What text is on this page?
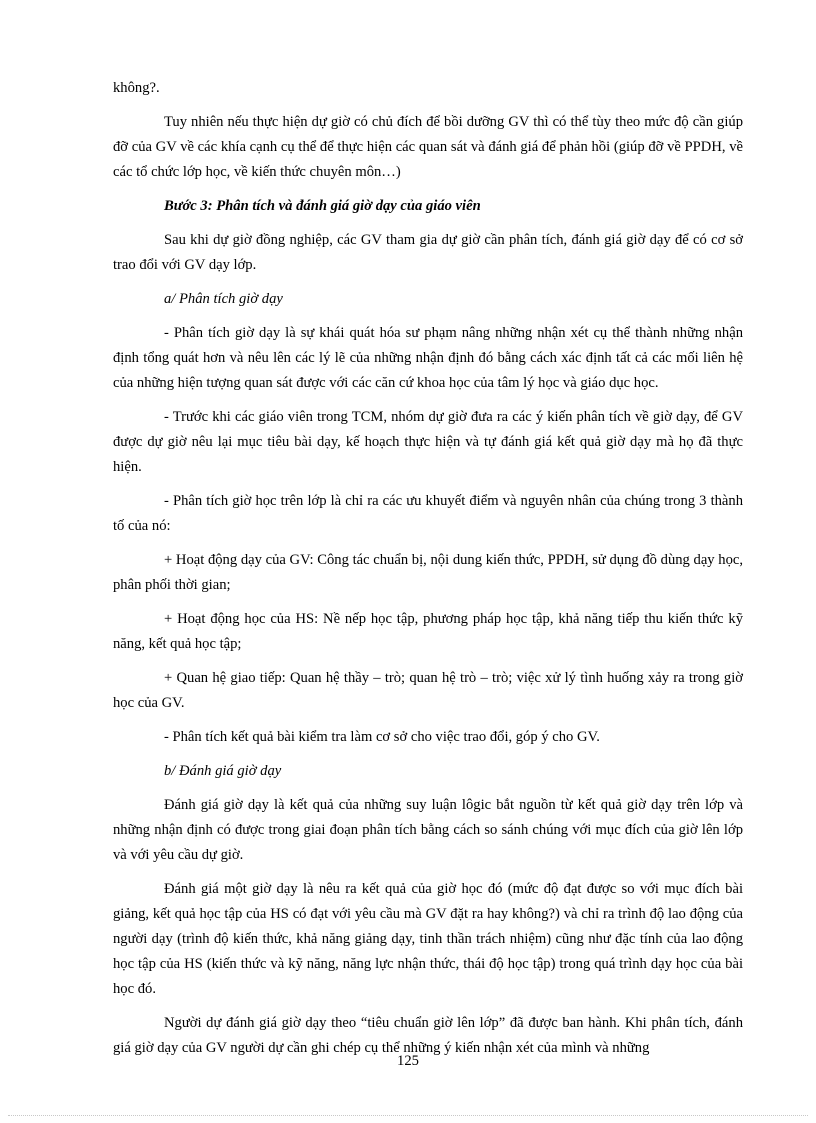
không?.

Tuy nhiên nếu thực hiện dự giờ có chủ đích để bồi dưỡng GV thì có thể tùy theo mức độ cần giúp đỡ của GV về các khía cạnh cụ thể để thực hiện các quan sát và đánh giá để phản hồi (giúp đỡ về PPDH, về các tổ chức lớp học, về kiến thức chuyên môn…)

Bước 3: Phân tích và đánh giá giờ dạy của giáo viên

Sau khi dự giờ đồng nghiệp, các GV tham gia dự giờ cần phân tích, đánh giá giờ dạy để có cơ sở trao đổi với GV dạy lớp.

a/ Phân tích giờ dạy

- Phân tích giờ dạy là sự khái quát hóa sư phạm nâng những nhận xét cụ thể thành những nhận định tổng quát hơn và nêu lên các lý lẽ của những nhận định đó bằng cách xác định tất cả các mối liên hệ của những hiện tượng quan sát được với các căn cứ khoa học của tâm lý học và giáo dục học.

- Trước khi các giáo viên trong TCM, nhóm dự giờ đưa ra các ý kiến phân tích về giờ dạy, để GV được dự giờ nêu lại mục tiêu bài dạy, kế hoạch thực hiện và tự đánh giá kết quả giờ dạy mà họ đã thực hiện.

- Phân tích giờ học trên lớp là chỉ ra các ưu khuyết điểm và nguyên nhân của chúng trong 3 thành tố của nó:

+ Hoạt động dạy của GV: Công tác chuẩn bị, nội dung kiến thức, PPDH, sử dụng đồ dùng dạy học, phân phối thời gian;

+ Hoạt động học của HS: Nề nếp học tập, phương pháp học tập, khả năng tiếp thu kiến thức kỹ năng, kết quả học tập;

+ Quan hệ giao tiếp: Quan hệ thầy – trò; quan hệ trò – trò; việc xử lý tình huống xảy ra trong giờ học của GV.

- Phân tích kết quả bài kiểm tra làm cơ sở cho việc trao đổi, góp ý cho GV.

b/ Đánh giá giờ dạy

Đánh giá giờ dạy là kết quả của những suy luận lôgic bắt nguồn từ kết quả giờ dạy trên lớp và những nhận định có được trong giai đoạn phân tích bằng cách so sánh chúng với mục đích của giờ lên lớp và với yêu cầu dự giờ.

Đánh giá một giờ dạy là nêu ra kết quả của giờ học đó (mức độ đạt được so với mục đích bài giảng, kết quả học tập của HS có đạt với yêu cầu mà GV đặt ra hay không?) và chỉ ra trình độ lao động của người dạy (trình độ kiến thức, khả năng giảng dạy, tinh thần trách nhiệm) cũng như đặc tính của lao động học tập của HS (kiến thức và kỹ năng, năng lực nhận thức, thái độ học tập) trong quá trình dạy học của bài học đó.

Người dự đánh giá giờ dạy theo “tiêu chuẩn giờ lên lớp” đã được ban hành. Khi phân tích, đánh giá giờ dạy của GV người dự cần ghi chép cụ thể những ý kiến nhận xét của mình và những

125
